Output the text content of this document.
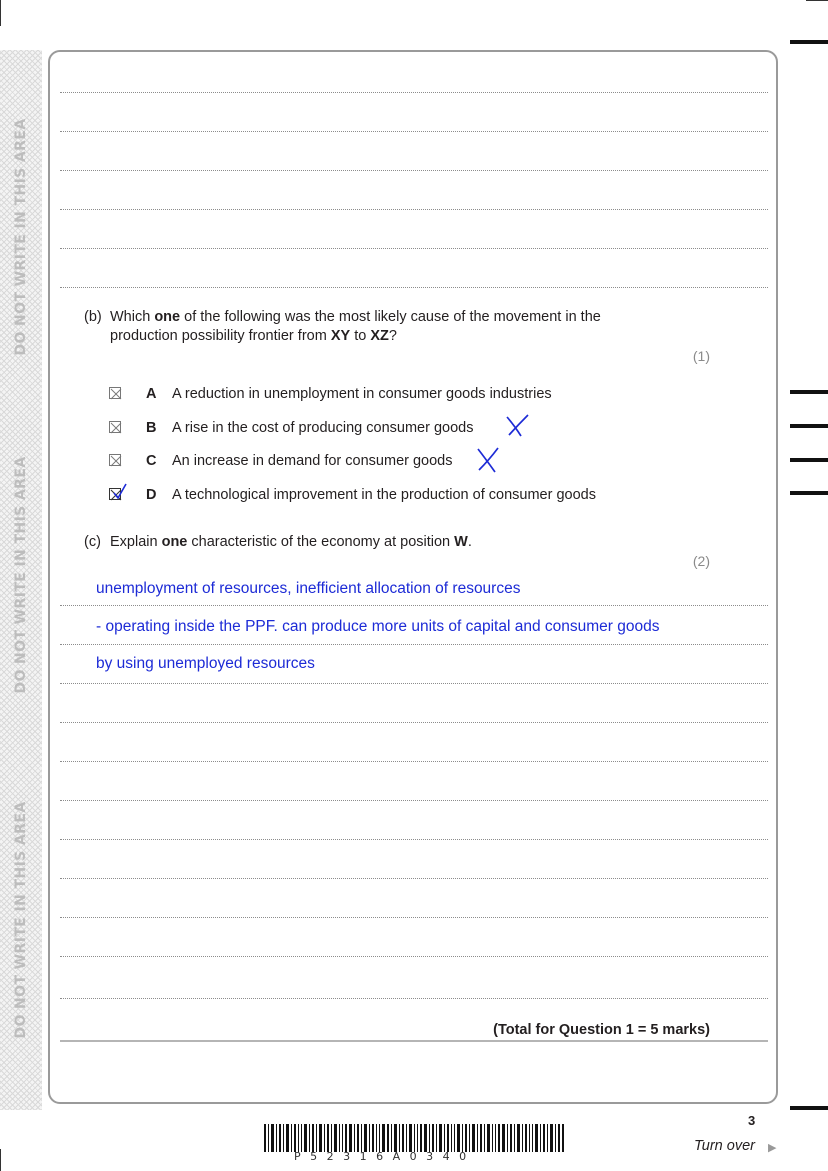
DO NOT WRITE IN THIS AREA
DO NOT WRITE IN THIS AREA
DO NOT WRITE IN THIS AREA
(b) Which one of the following was the most likely cause of the movement in the
production possibility frontier from XY to XZ?
(1)
A A reduction in unemployment in consumer goods industries
B A rise in the cost of producing consumer goods
C An increase in demand for consumer goods
D A technological improvement in the production of consumer goods
(c) Explain one characteristic of the economy at position W.
(2)
unemployment of resources, inefficient allocation of resources
- operating inside the PPF. can produce more units of capital and consumer goods
by using unemployed resources
(Total for Question 1 = 5 marks)
3
P52316A0340
Turn over ▶
